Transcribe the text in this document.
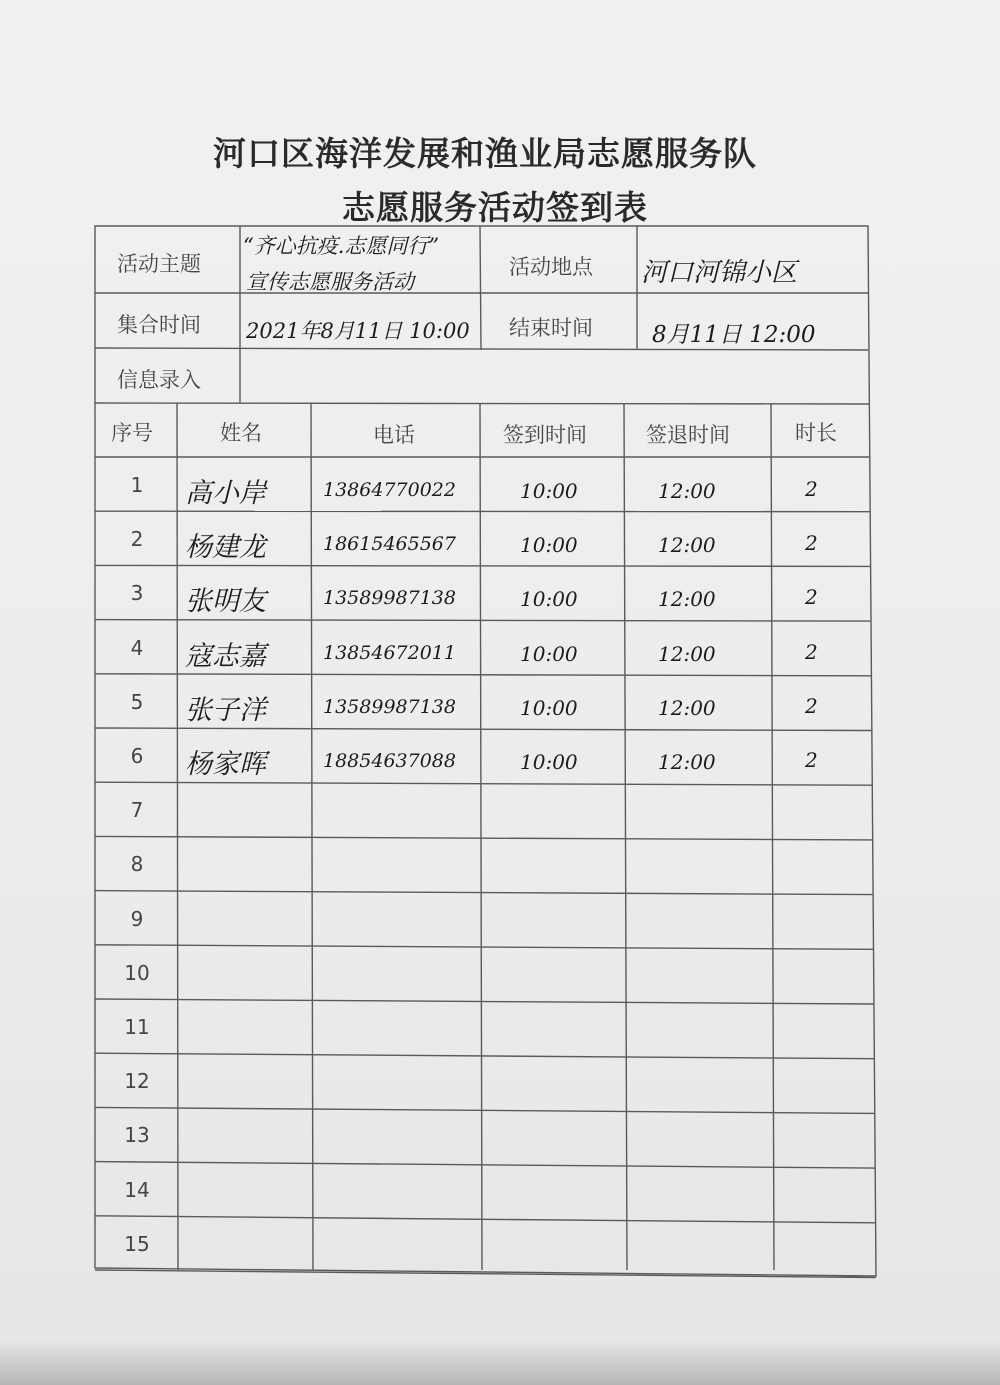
河口区海洋发展和渔业局志愿服务队
志愿服务活动签到表
活动主题
“齐心抗疫.志愿同行”
宣传志愿服务活动
活动地点 河口河锦小区
集合时间 2021年8月11日 10:00 结束时间	8月11日 12:00
信息录入
序号	姓名	电话	签到时间	签退时间	时长
1	高小岸	13864770022	10:00	12:00	2
2	杨建龙	18615465567	10:00	12:00	2
3	张明友	13589987138	10:00	12:00	2
4	寇志嘉	13854672011	10:00	12:00	2
5	张子洋	13589987138	10:00	12:00	2
6	杨家晖	18854637088	10:00	12:00	2
7
8
9
10
11
12
13
14
15
